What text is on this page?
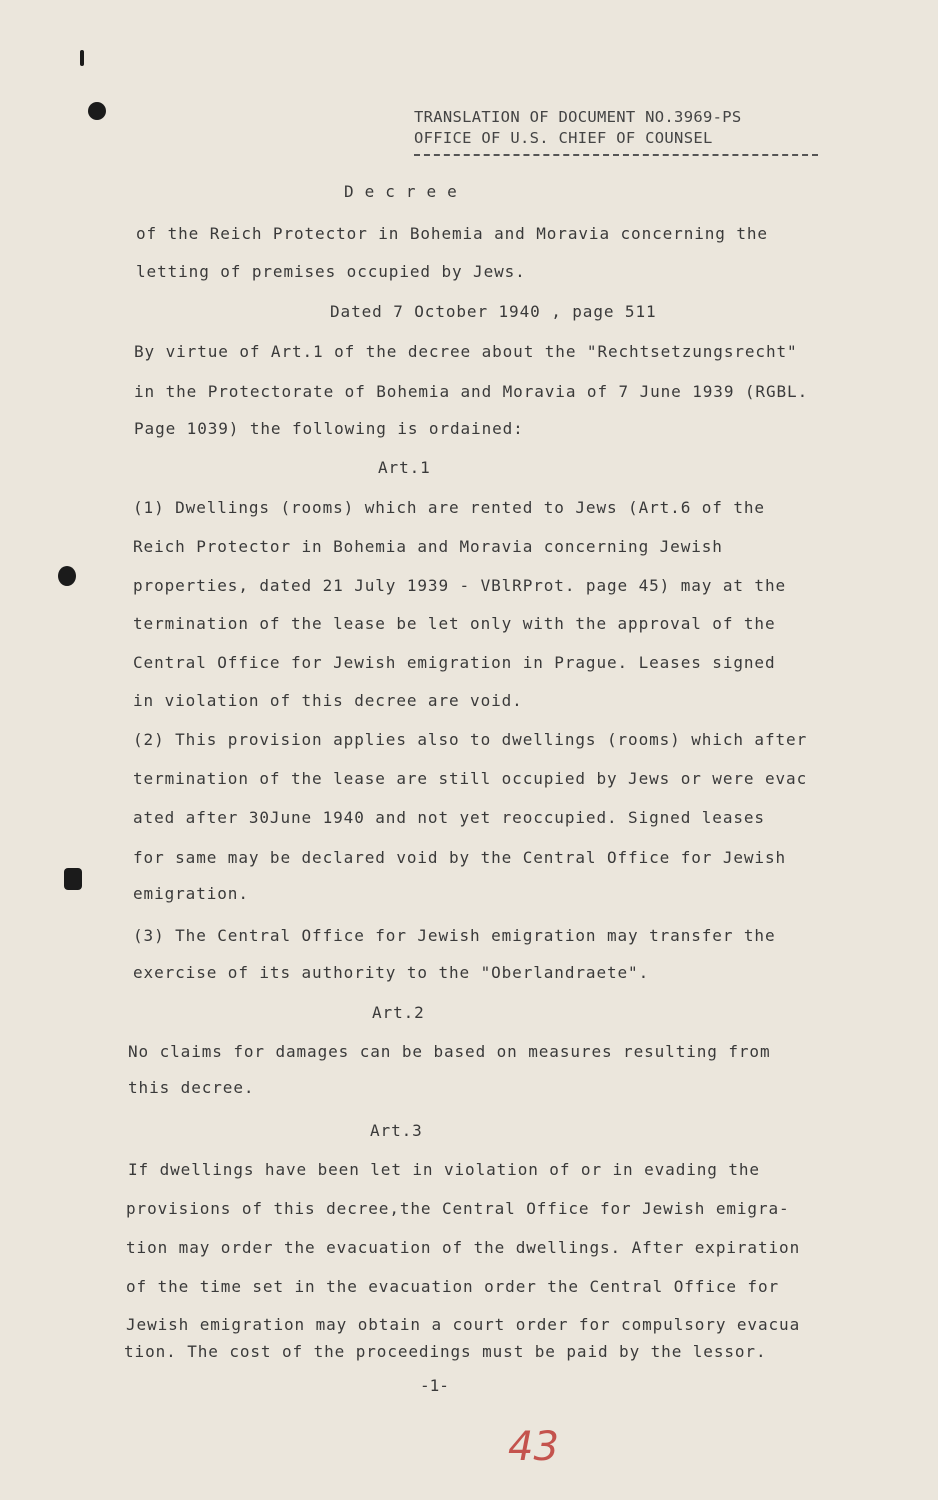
TRANSLATION OF DOCUMENT NO.3969-PS
OFFICE OF U.S. CHIEF OF COUNSEL
Decree
of the Reich Protector in Bohemia and Moravia concerning the
letting of premises occupied by Jews.
Dated 7 October 1940 , page 511
By virtue of Art.1 of the decree about the "Rechtsetzungsrecht"
in the Protectorate of Bohemia and Moravia of 7 June 1939 (RGBL.
Page 1039) the following is ordained:
Art.1
(1) Dwellings (rooms) which are rented to Jews (Art.6 of the
Reich Protector in Bohemia and Moravia concerning Jewish
properties, dated 21 July 1939 - VBlRProt. page 45) may at the
termination of the lease be let only with the approval of the
Central Office for Jewish emigration in Prague. Leases signed
in violation of this decree are void.
(2) This provision applies also to dwellings (rooms) which after
termination of the lease are still occupied by Jews or were evac
ated after 30June 1940 and not yet reoccupied. Signed leases
for same may be declared void by the Central Office for Jewish
emigration.
(3) The Central Office for Jewish emigration may transfer the
exercise of its authority to the "Oberlandraete".
Art.2
No claims for damages can be based on measures resulting from
this decree.
Art.3
If dwellings have been let in violation of or in evading the
provisions of this decree,the Central Office for Jewish emigra-
tion may order the evacuation of the dwellings. After expiration
of the time set in the evacuation order the Central Office for
Jewish emigration may obtain a court order for compulsory evacua
tion. The cost of the proceedings must be paid by the lessor.
-1-
43
